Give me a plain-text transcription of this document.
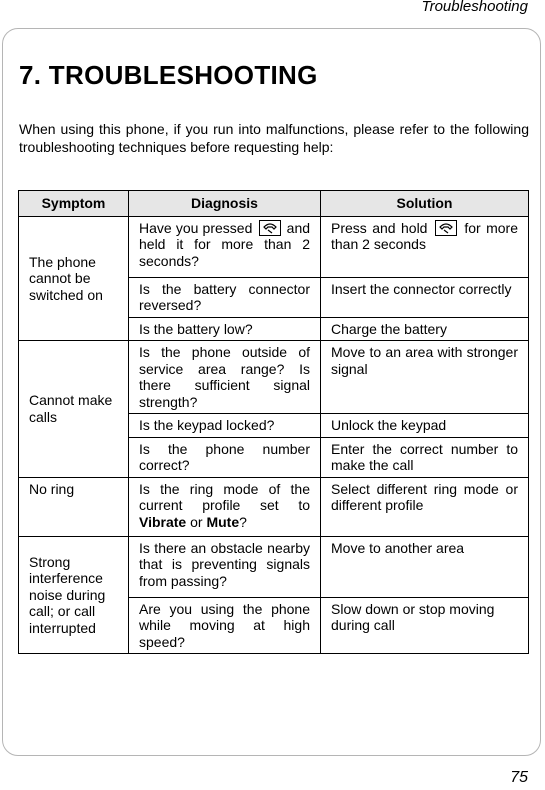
Troubleshooting
7. TROUBLESHOOTING
When using this phone, if you run into malfunctions, please refer to the following troubleshooting techniques before requesting help:
Symptom	Diagnosis	Solution
The phone cannot be switched on	Have you pressed and held it for more than 2 seconds?	Press and hold for more than 2 seconds
	Is the battery connector reversed?	Insert the connector correctly
	Is the battery low?	Charge the battery
Cannot make calls	Is the phone outside of service area range? Is there sufficient signal strength?	Move to an area with stronger signal
	Is the keypad locked?	Unlock the keypad
	Is the phone number correct?	Enter the correct number to make the call
No ring	Is the ring mode of the current profile set to Vibrate or Mute?	Select different ring mode or different profile
Strong interference noise during call; or call interrupted	Is there an obstacle nearby that is preventing signals from passing?	Move to another area
	Are you using the phone while moving at high speed?	Slow down or stop moving during call
75
